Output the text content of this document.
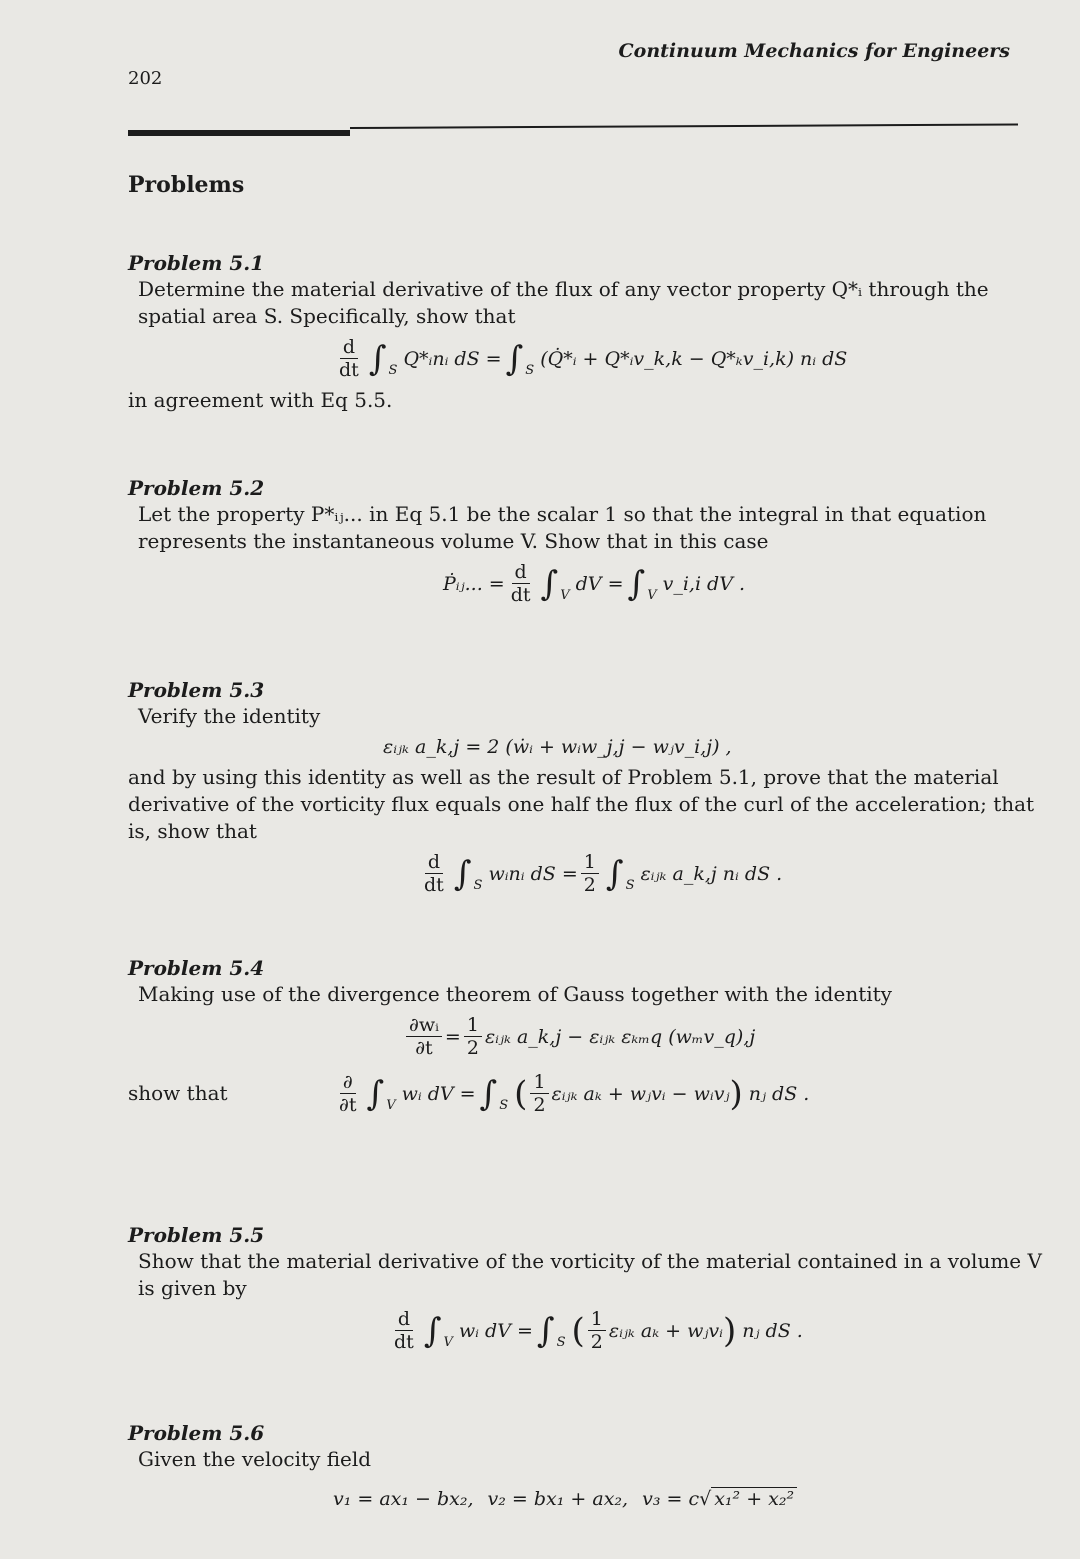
Continuum Mechanics for Engineers
202
Problems
Problem 5.1
Determine the material derivative of the flux of any vector property Q*ᵢ through the spatial area S. Specifically, show that
$\frac{d}{dt}$ ∫ S
Q*ᵢnᵢ dS = ∫ S
(Q̇*ᵢ + Q*ᵢv_k,k − Q*ₖv_i,k) nᵢ dS
in agreement with Eq 5.5.
Problem 5.2
Let the property P*ᵢⱼ... in Eq 5.1 be the scalar 1 so that the integral in that equation represents the instantaneous volume V. Show that in this case
Ṗᵢⱼ... = $\frac{d}{dt}$ ∫ V
dV = ∫ V
v_i,i dV .
Problem 5.3
Verify the identity
εᵢⱼₖ a_k,j = 2 (ẇᵢ + wᵢw_j,j − wⱼv_i,j) ,
and by using this identity as well as the result of Problem 5.1, prove that the material derivative of the vorticity flux equals one half the flux of the curl of the acceleration; that is, show that
$\frac{d}{dt}$ ∫ S
wᵢnᵢ dS = $\frac{1}{2}$ ∫ S
εᵢⱼₖ a_k,j nᵢ dS .
Problem 5.4
Making use of the divergence theorem of Gauss together with the identity
$\frac{\text{∂wᵢ}}{\partial t} = \frac{1}{2}$ εᵢⱼₖ a_k,j − εᵢⱼₖ εₖₘq (wₘv_q),j
show that	$\frac{\partial}{\partial t}$ ∫ V
wᵢ dV = ∫ S ( $\frac{1}{2}$ εᵢⱼₖ aₖ + wⱼvᵢ − wᵢvⱼ ) nⱼ dS .
Problem 5.5
Show that the material derivative of the vorticity of the material contained in a volume V is given by
$\frac{d}{dt}$ ∫ V
wᵢ dV = ∫ S ( $\frac{1}{2}$ εᵢⱼₖ aₖ + wⱼvᵢ ) nⱼ dS .
Problem 5.6
Given the velocity field
v₁ = ax₁ − bx₂, v₂ = bx₁ + ax₂, v₃ = c √ x₁² + x₂²
